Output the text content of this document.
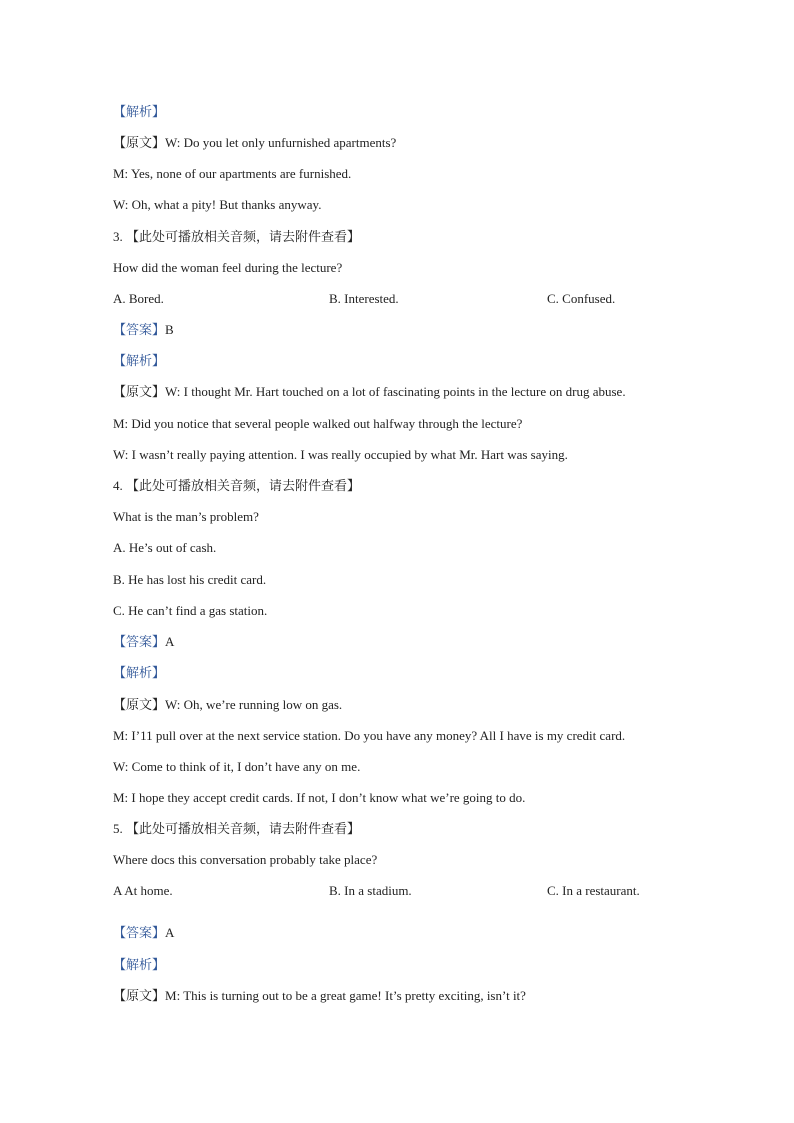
【解析】
【原文】W: Do you let only unfurnished apartments?
M: Yes, none of our apartments are furnished.
W: Oh, what a pity! But thanks anyway.
3. 【此处可播放相关音频，请去附件查看】
How did the woman feel during the lecture?
A. Bored.	B. Interested.	C. Confused.
【答案】B
【解析】
【原文】W: I thought Mr. Hart touched on a lot of fascinating points in the lecture on drug abuse.
M: Did you notice that several people walked out halfway through the lecture?
W: I wasn’t really paying attention. I was really occupied by what Mr. Hart was saying.
4. 【此处可播放相关音频，请去附件查看】
What is the man’s problem?
A. He’s out of cash.
B. He has lost his credit card.
C. He can’t find a gas station.
【答案】A
【解析】
【原文】W: Oh, we’re running low on gas.
M: I’11 pull over at the next service station. Do you have any money? All I have is my credit card.
W: Come to think of it, I don’t have any on me.
M: I hope they accept credit cards. If not, I don’t know what we’re going to do.
5. 【此处可播放相关音频，请去附件查看】
Where docs this conversation probably take place?
A At home.	B. In a stadium.	C. In a restaurant.
【答案】A
【解析】
【原文】M: This is turning out to be a great game! It’s pretty exciting, isn’t it?
